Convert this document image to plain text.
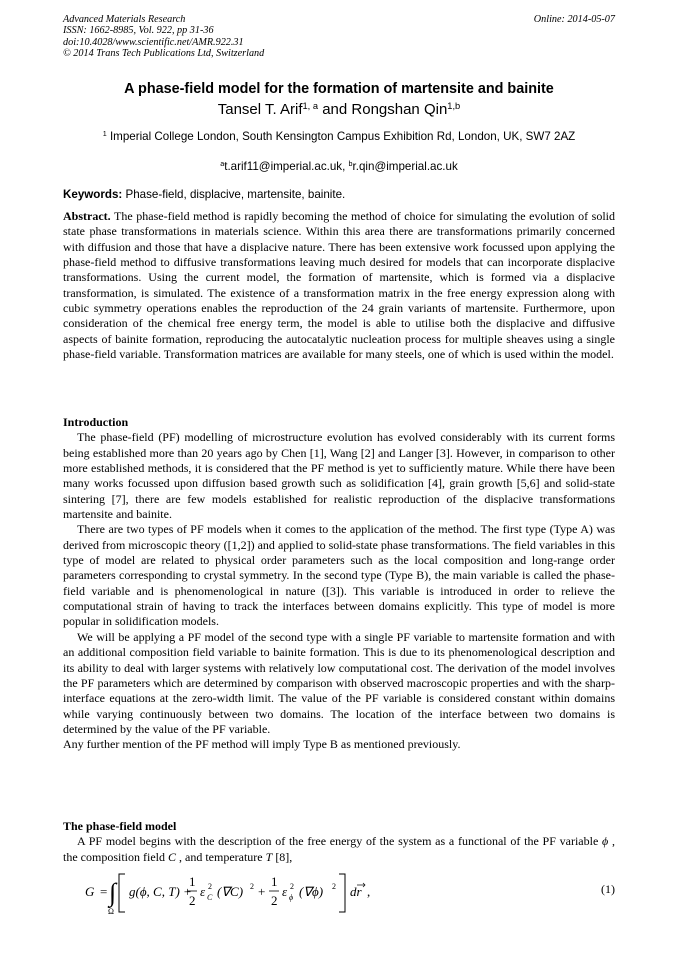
Advanced Materials Research
ISSN: 1662-8985, Vol. 922, pp 31-36
doi:10.4028/www.scientific.net/AMR.922.31
© 2014 Trans Tech Publications Ltd, Switzerland
Online: 2014-05-07
A phase-field model for the formation of martensite and bainite
Tansel T. Arif$^{1, a}$ and Rongshan Qin$^{1,b}$
$^1$ Imperial College London, South Kensington Campus Exhibition Rd, London, UK, SW7 2AZ
$^a$t.arif11@imperial.ac.uk, $^b$r.qin@imperial.ac.uk
Keywords: Phase-field, displacive, martensite, bainite.

Abstract. The phase-field method is rapidly becoming the method of choice for simulating the evolution of solid state phase transformations in materials science. Within this area there are transformations primarily concerned with diffusion and those that have a displacive nature. There has been extensive work focussed upon applying the phase-field method to diffusive transformations leaving much desired for models that can incorporate displacive transformations. Using the current model, the formation of martensite, which is formed via a displacive transformation, is simulated. The existence of a transformation matrix in the free energy expression along with cubic symmetry operations enables the reproduction of the 24 grain variants of martensite. Furthermore, upon consideration of the chemical free energy term, the model is able to utilise both the displacive and diffusive aspects of bainite formation, reproducing the autocatalytic nucleation process for multiple sheaves using a single phase-field variable. Transformation matrices are available for many steels, one of which is used within the model.

Introduction

The phase-field (PF) modelling of microstructure evolution has evolved considerably with its current forms being established more than 20 years ago by Chen [1], Wang [2] and Langer [3]. However, in comparison to other more established methods, it is considered that the PF method is yet to sufficiently mature. While there have been many works focussed upon diffusion based growth such as solidification [4], grain growth [5,6] and solid-state sintering [7], there are few models established for realistic reproduction of the displacive transformations martensite and bainite.

There are two types of PF models when it comes to the application of the method. The first type (Type A) was derived from microscopic theory ([1,2]) and applied to solid-state phase transformations. The field variables in this type of model are related to physical order parameters such as the local composition and long-range order parameters corresponding to crystal symmetry. In the second type (Type B), the main variable is called the phase-field variable and is phenomenological in nature ([3]). This variable is introduced in order to relieve the computational strain of having to track the interfaces between domains explicitly. This type of model is more popular in solidification models.

We will be applying a PF model of the second type with a single PF variable to martensite formation and with an additional composition field variable to bainite formation. This is due to its phenomenological description and its ability to deal with larger systems with relatively low computational cost. The derivation of the model involves the PF parameters which are determined by comparison with observed macroscopic properties and with the sharp-interface equations at the zero-width limit. The value of the PF variable is considered constant within domains while varying continuously between two domains. The location of the interface between two domains is determined by the value of the PF variable.

Any further mention of the PF method will imply Type B as mentioned previously.

The phase-field model

A PF model begins with the description of the free energy of the system as a functional of the PF variable ϕ , the composition field C , and temperature T [8],

G = ∫
Ω
g(ϕ, C, T) +
1
2
ε C
2 (∇C) 2 +
1
2
ε ϕ
2 (∇ϕ) 2 dr ,	(1)
